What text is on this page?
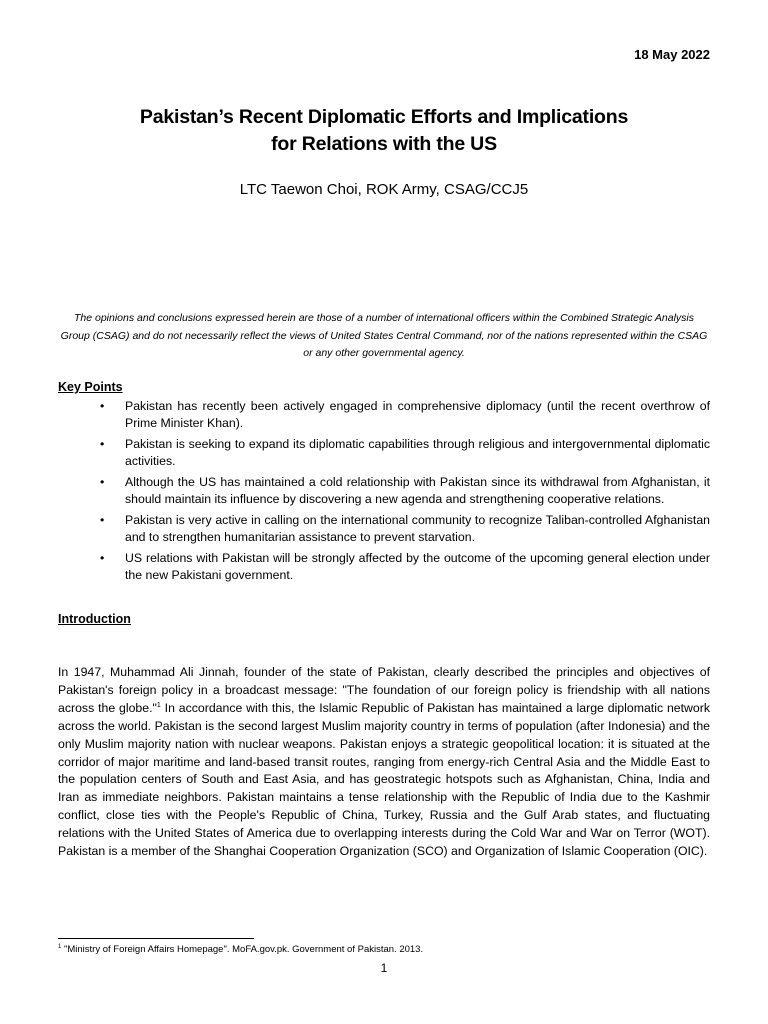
18 May 2022
Pakistan’s Recent Diplomatic Efforts and Implications
for Relations with the US
LTC Taewon Choi, ROK Army, CSAG/CCJ5
The opinions and conclusions expressed herein are those of a number of international officers within the Combined Strategic Analysis Group (CSAG) and do not necessarily reflect the views of United States Central Command, nor of the nations represented within the CSAG or any other governmental agency.
Key Points
• Pakistan has recently been actively engaged in comprehensive diplomacy (until the recent overthrow of Prime Minister Khan).
• Pakistan is seeking to expand its diplomatic capabilities through religious and intergovernmental diplomatic activities.
• Although the US has maintained a cold relationship with Pakistan since its withdrawal from Afghanistan, it should maintain its influence by discovering a new agenda and strengthening cooperative relations.
• Pakistan is very active in calling on the international community to recognize Taliban-controlled Afghanistan and to strengthen humanitarian assistance to prevent starvation.
• US relations with Pakistan will be strongly affected by the outcome of the upcoming general election under the new Pakistani government.
Introduction

In 1947, Muhammad Ali Jinnah, founder of the state of Pakistan, clearly described the principles and objectives of Pakistan's foreign policy in a broadcast message: "The foundation of our foreign policy is friendship with all nations across the globe."$^1$ In accordance with this, the Islamic Republic of Pakistan has maintained a large diplomatic network across the world. Pakistan is the second largest Muslim majority country in terms of population (after Indonesia) and the only Muslim majority nation with nuclear weapons. Pakistan enjoys a strategic geopolitical location: it is situated at the corridor of major maritime and land-based transit routes, ranging from energy-rich Central Asia and the Middle East to the population centers of South and East Asia, and has geostrategic hotspots such as Afghanistan, China, India and Iran as immediate neighbors. Pakistan maintains a tense relationship with the Republic of India due to the Kashmir conflict, close ties with the People's Republic of China, Turkey, Russia and the Gulf Arab states, and fluctuating relations with the United States of America due to overlapping interests during the Cold War and War on Terror (WOT). Pakistan is a member of the Shanghai Cooperation Organization (SCO) and Organization of Islamic Cooperation (OIC).

$^1$ "Ministry of Foreign Affairs Homepage". MoFA.gov.pk. Government of Pakistan. 2013.
1
